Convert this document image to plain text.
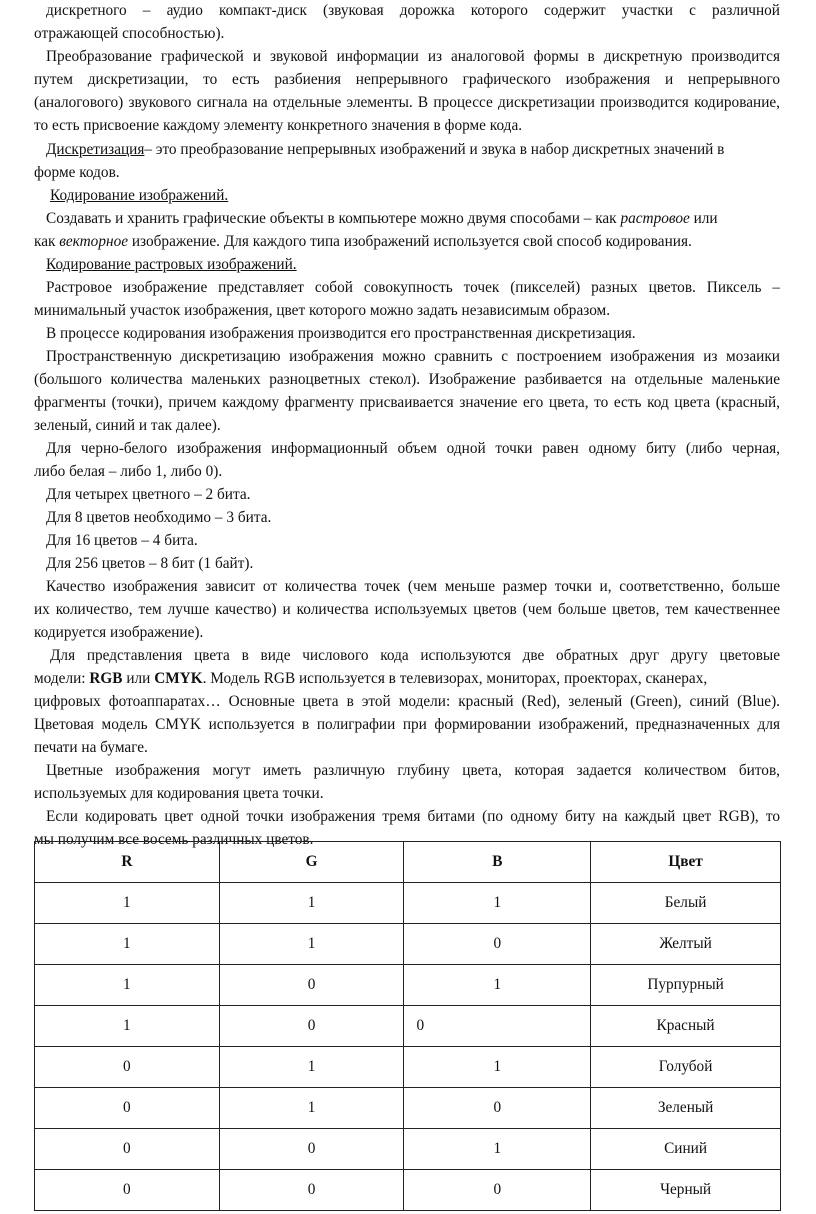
дискретного – аудио компакт-диск (звуковая дорожка которого содержит участки с различной
отражающей способностью).
Преобразование графической и звуковой информации из аналоговой формы в дискретную производится
путем дискретизации, то есть разбиения непрерывного графического изображения и непрерывного
(аналогового) звукового сигнала на отдельные элементы. В процессе дискретизации производится кодирование,
то есть присвоение каждому элементу конкретного значения в форме кода.
Дискретизация– это преобразование непрерывных изображений и звука в набор дискретных значений в
форме кодов.
Кодирование изображений.
Создавать и хранить графические объекты в компьютере можно двумя способами – как растровое или
как векторное изображение. Для каждого типа изображений используется свой способ кодирования.
Кодирование растровых изображений.
Растровое изображение представляет собой совокупность точек (пикселей) разных цветов. Пиксель –
минимальный участок изображения, цвет которого можно задать независимым образом.
В процессе кодирования изображения производится его пространственная дискретизация.
Пространственную дискретизацию изображения можно сравнить с построением изображения из мозаики
(большого количества маленьких разноцветных стекол). Изображение разбивается на отдельные маленькие
фрагменты (точки), причем каждому фрагменту присваивается значение его цвета, то есть код цвета (красный,
зеленый, синий и так далее).
Для черно-белого изображения информационный объем одной точки равен одному биту (либо черная,
либо белая – либо 1, либо 0).
Для четырех цветного – 2 бита.
Для 8 цветов необходимо – 3 бита.
Для 16 цветов – 4 бита.
Для 256 цветов – 8 бит (1 байт).
Качество изображения зависит от количества точек (чем меньше размер точки и, соответственно, больше
их количество, тем лучше качество) и количества используемых цветов (чем больше цветов, тем качественнее
кодируется изображение).
Для представления цвета в виде числового кода используются две обратных друг другу цветовые
модели: RGB или CMYK. Модель RGB используется в телевизорах, мониторах, проекторах, сканерах,
цифровых фотоаппаратах… Основные цвета в этой модели: красный (Red), зеленый (Green), синий (Blue).
Цветовая модель CMYK используется в полиграфии при формировании изображений, предназначенных для
печати на бумаге.
Цветные изображения могут иметь различную глубину цвета, которая задается количеством битов,
используемых для кодирования цвета точки.
Если кодировать цвет одной точки изображения тремя битами (по одному биту на каждый цвет RGB), то
мы получим все восемь различных цветов.
R	G	B	Цвет
1	1	1	Белый
1	1	0	Желтый
1	0	1	Пурпурный
1	0	0	Красный
0	1	1	Голубой
0	1	0	Зеленый
0	0	1	Синий
0	0	0	Черный
